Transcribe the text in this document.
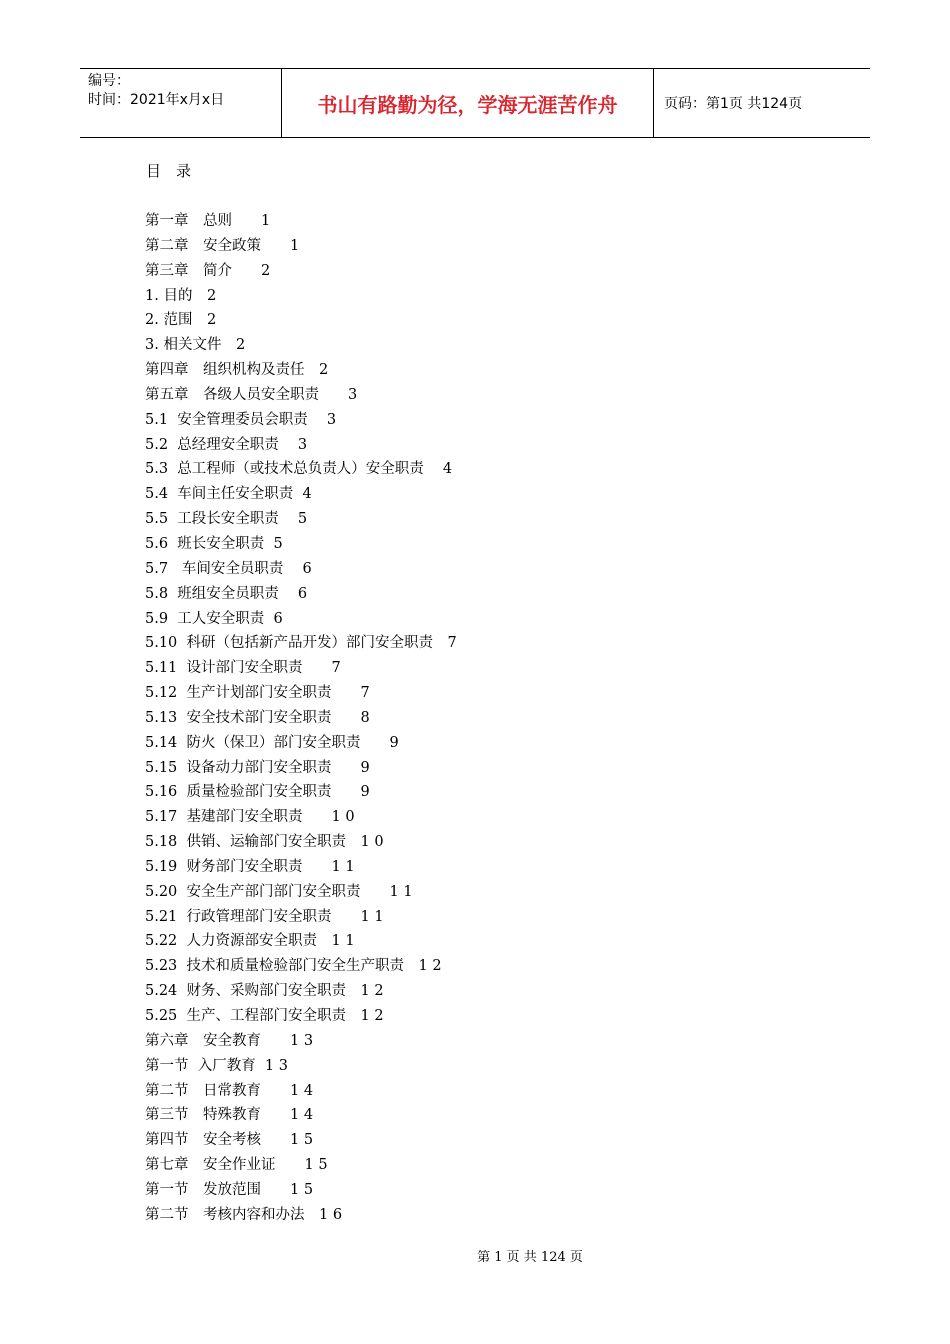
编号：
时间：2021年x月x日	书山有路勤为径，学海无涯苦作舟	页码：第1页 共124页
目　录
第一章　总则　　1
第二章　安全政策　　1
第三章　简介　　2
1. 目的　2
2. 范围　2
3. 相关文件　2
第四章　组织机构及责任　2
第五章　各级人员安全职责　　3
5.1  安全管理委员会职责　 3
5.2  总经理安全职责　 3
5.3  总工程师（或技术总负责人）安全职责　 4
5.4  车间主任安全职责  4
5.5  工段长安全职责　 5
5.6  班长安全职责  5
5.7   车间安全员职责　 6
5.8  班组安全员职责　 6
5.9  工人安全职责  6
5.10  科研（包括新产品开发）部门安全职责　7
5.11  设计部门安全职责　　7
5.12  生产计划部门安全职责　　7
5.13  安全技术部门安全职责　　8
5.14  防火（保卫）部门安全职责　　9
5.15  设备动力部门安全职责　　9
5.16  质量检验部门安全职责　　9
5.17  基建部门安全职责　　1 0
5.18  供销、运输部门安全职责　1 0
5.19  财务部门安全职责　　1 1
5.20  安全生产部门部门安全职责　　1 1
5.21  行政管理部门安全职责　　1 1
5.22  人力资源部安全职责　1 1
5.23  技术和质量检验部门安全生产职责　1 2
5.24  财务、采购部门安全职责　1 2
5.25  生产、工程部门安全职责　1 2
第六章　安全教育　　1 3
第一节  入厂教育  1 3
第二节　日常教育　　1 4
第三节　特殊教育　　1 4
第四节　安全考核　　1 5
第七章　安全作业证　　1 5
第一节　发放范围　　1 5
第二节　考核内容和办法　1 6
第 1 页 共 124 页
